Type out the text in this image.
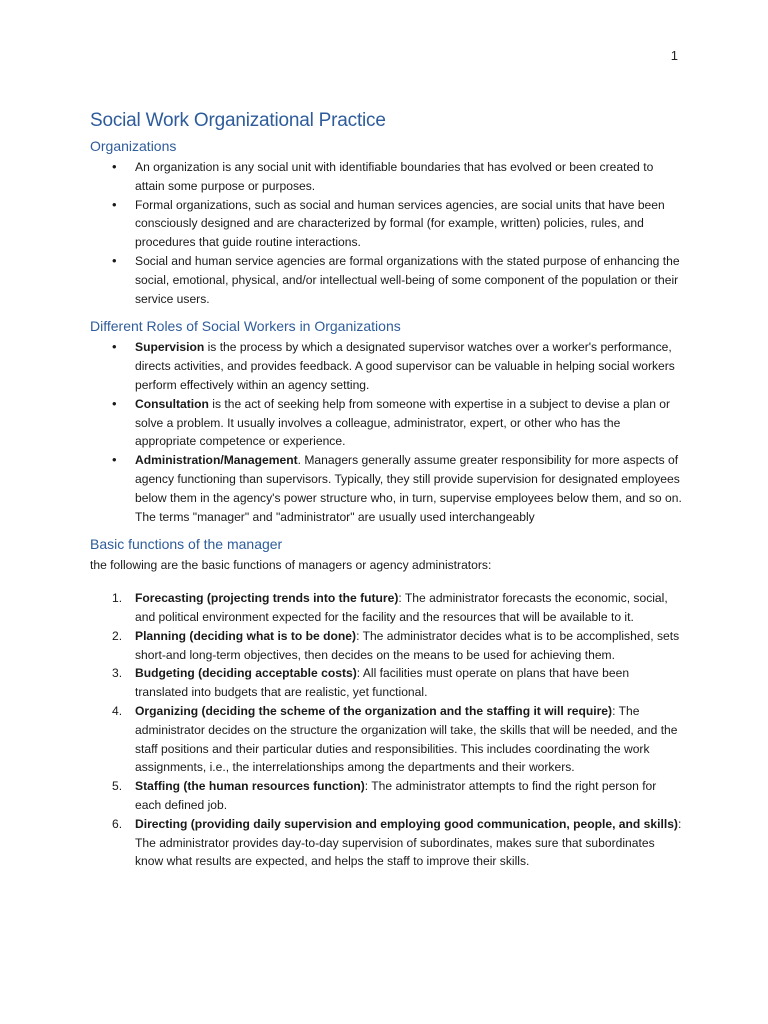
1
Social Work Organizational Practice
Organizations
• An organization is any social unit with identifiable boundaries that has evolved or been created to attain some purpose or purposes.
• Formal organizations, such as social and human services agencies, are social units that have been consciously designed and are characterized by formal (for example, written) policies, rules, and procedures that guide routine interactions.
• Social and human service agencies are formal organizations with the stated purpose of enhancing the social, emotional, physical, and/or intellectual well-being of some component of the population or their service users.
Different Roles of Social Workers in Organizations
• Supervision is the process by which a designated supervisor watches over a worker's performance, directs activities, and provides feedback. A good supervisor can be valuable in helping social workers perform effectively within an agency setting.
• Consultation is the act of seeking help from someone with expertise in a subject to devise a plan or solve a problem. It usually involves a colleague, administrator, expert, or other who has the appropriate competence or experience.
• Administration/Management. Managers generally assume greater responsibility for more aspects of agency functioning than supervisors. Typically, they still provide supervision for designated employees below them in the agency's power structure who, in turn, supervise employees below them, and so on. The terms "manager" and "administrator" are usually used interchangeably
Basic functions of the manager

the following are the basic functions of managers or agency administrators:

1. Forecasting (projecting trends into the future): The administrator forecasts the economic, social, and political environment expected for the facility and the resources that will be available to it.
2. Planning (deciding what is to be done): The administrator decides what is to be accomplished, sets short-and long-term objectives, then decides on the means to be used for achieving them.
3. Budgeting (deciding acceptable costs): All facilities must operate on plans that have been translated into budgets that are realistic, yet functional.
4. Organizing (deciding the scheme of the organization and the staffing it will require): The administrator decides on the structure the organization will take, the skills that will be needed, and the staff positions and their particular duties and responsibilities. This includes coordinating the work assignments, i.e., the interrelationships among the departments and their workers.
5. Staffing (the human resources function): The administrator attempts to find the right person for each defined job.
6. Directing (providing daily supervision and employing good communication, people, and skills): The administrator provides day-to-day supervision of subordinates, makes sure that subordinates know what results are expected, and helps the staff to improve their skills.
